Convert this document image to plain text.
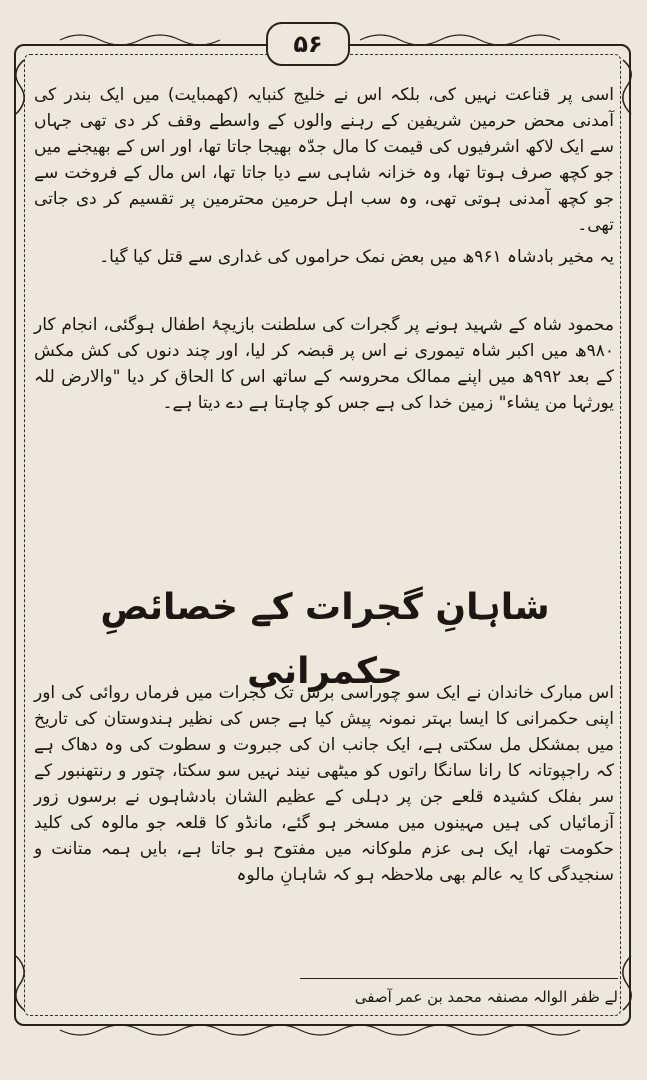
۵۶

اسی پر قناعت نہیں کی، بلکہ اس نے خلیج کنبایہ (کھمبایت) میں ایک بندر کی آمدنی محض حرمین شریفین کے رہنے والوں کے واسطے وقف کر دی تھی جہاں سے ایک لاکھ اشرفیوں کی قیمت کا مال جدّہ بھیجا جاتا تھا، اور اس کے بھیجنے میں جو کچھ صرف ہوتا تھا، وہ خزانہ شاہی سے دیا جاتا تھا، اس مال کے فروخت سے جو کچھ آمدنی ہوتی تھی، وہ سب اہل حرمین محترمین پر تقسیم کر دی جاتی تھی۔

یہ مخیر بادشاہ ۹۶۱ھ میں بعض نمک حراموں کی غداری سے قتل کیا گیا۔

محمود شاہ کے شہید ہونے پر گجرات کی سلطنت بازیچۂ اطفال ہوگئی، انجام کار ۹۸۰ھ میں اکبر شاہ تیموری نے اس پر قبضہ کر لیا، اور چند دنوں کی کش مکش کے بعد ۹۹۲ھ میں اپنے ممالک محروسہ کے ساتھ اس کا الحاق کر دیا "والارض للہ یورثہا من یشاء" زمین خدا کی ہے جس کو چاہتا ہے دے دیتا ہے۔

شاہانِ گجرات کے خصائصِ حکمرانی

اس مبارک خاندان نے ایک سو چوراسی برس تک گجرات میں فرماں روائی کی اور اپنی حکمرانی کا ایسا بہتر نمونہ پیش کیا ہے جس کی نظیر ہندوستان کی تاریخ میں بمشکل مل سکتی ہے، ایک جانب ان کی جبروت و سطوت کی وہ دھاک ہے کہ راجپوتانہ کا رانا سانگا راتوں کو میٹھی نیند نہیں سو سکتا، چتور و رنتھنبور کے سر بفلک کشیدہ قلعے جن پر دہلی کے عظیم الشان بادشاہوں نے برسوں زور آزمائیاں کی ہیں مہینوں میں مسخر ہو گئے، مانڈو کا قلعہ جو مالوہ کی کلید حکومت تھا، ایک ہی عزم ملوکانہ میں مفتوح ہو جاتا ہے، بایں ہمہ متانت و سنجیدگی کا یہ عالم بھی ملاحظہ ہو کہ شاہانِ مالوہ

لے ظفر الوالہ مصنفہ محمد بن عمر آصفی
